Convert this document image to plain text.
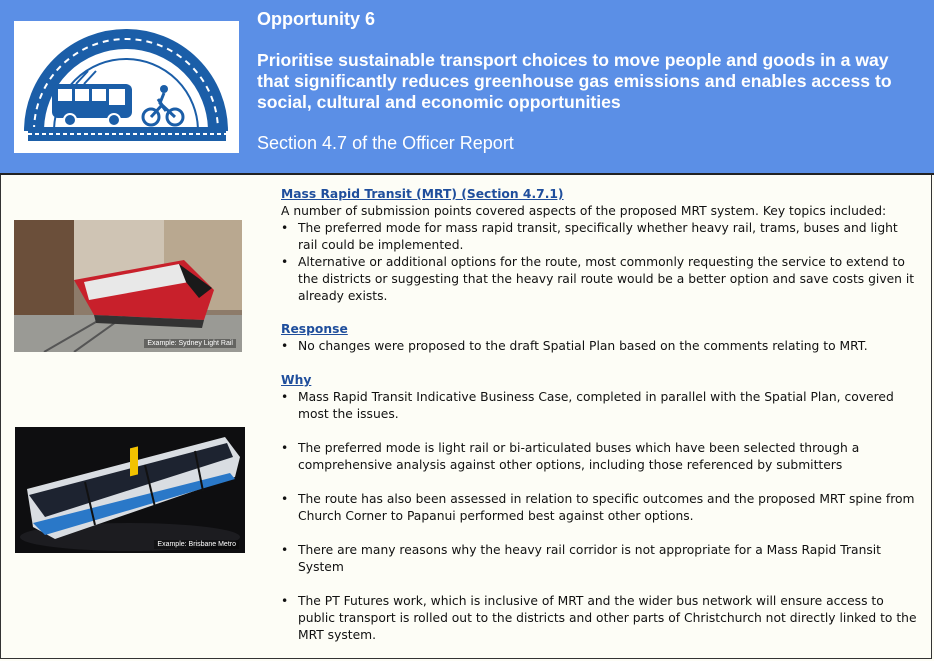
Opportunity 6
Prioritise sustainable transport choices to move people and goods in a way
that significantly reduces greenhouse gas emissions and enables access to
social, cultural and economic opportunities
Section 4.7 of the Officer Report
Example: Sydney Light Rail
Example: Brisbane Metro
Mass Rapid Transit (MRT) (Section 4.7.1)
A number of submission points covered aspects of the proposed MRT system. Key topics included:
• The preferred mode for mass rapid transit, specifically whether heavy rail, trams, buses and light rail could be implemented.
• Alternative or additional options for the route, most commonly requesting the service to extend to the districts or suggesting that the heavy rail route would be a better option and save costs given it already exists.
Response
• No changes were proposed to the draft Spatial Plan based on the comments relating to MRT.
Why
• Mass Rapid Transit Indicative Business Case, completed in parallel with the Spatial Plan, covered most the issues.
• The preferred mode is light rail or bi-articulated buses which have been selected through a comprehensive analysis against other options, including those referenced by submitters
• The route has also been assessed in relation to specific outcomes and the proposed MRT spine from Church Corner to Papanui performed best against other options.
• There are many reasons why the heavy rail corridor is not appropriate for a Mass Rapid Transit System
• The PT Futures work, which is inclusive of MRT and the wider bus network will ensure access to public transport is rolled out to the districts and other parts of Christchurch not directly linked to the MRT system.
